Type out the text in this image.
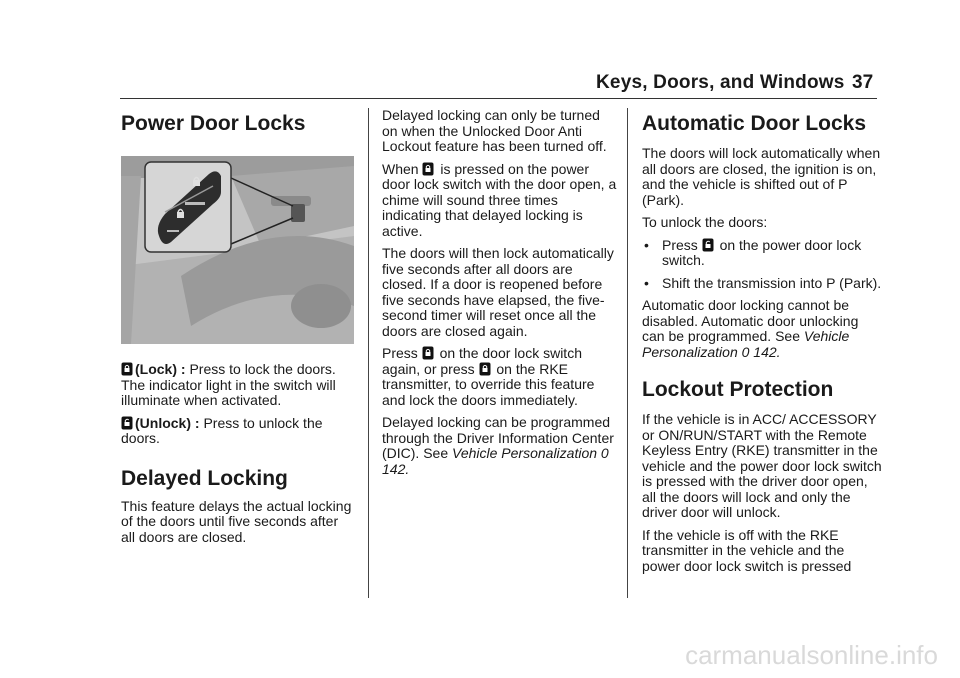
Keys, Doors, and Windows 37
Power Door Locks

(Lock) : Press to lock the doors. The indicator light in the switch will illuminate when activated.

(Unlock) : Press to unlock the doors.

Delayed Locking

This feature delays the actual locking of the doors until five seconds after all doors are closed.

Delayed locking can only be turned on when the Unlocked Door Anti Lockout feature has been turned off.

When  is pressed on the power door lock switch with the door open, a chime will sound three times indicating that delayed locking is active.

The doors will then lock automatically five seconds after all doors are closed. If a door is reopened before five seconds have elapsed, the five-second timer will reset once all the doors are closed again.

Press  on the door lock switch again, or press  on the RKE transmitter, to override this feature and lock the doors immediately.

Delayed locking can be programmed through the Driver Information Center (DIC). See Vehicle Personalization 0 142.

Automatic Door Locks

The doors will lock automatically when all doors are closed, the ignition is on, and the vehicle is shifted out of P (Park).

To unlock the doors:

• Press  on the power door lock switch.
• Shift the transmission into P (Park).

Automatic door locking cannot be disabled. Automatic door unlocking can be programmed. See Vehicle Personalization 0 142.

Lockout Protection

If the vehicle is in ACC/ ACCESSORY or ON/RUN/START with the Remote Keyless Entry (RKE) transmitter in the vehicle and the power door lock switch is pressed with the driver door open, all the doors will lock and only the driver door will unlock.

If the vehicle is off with the RKE transmitter in the vehicle and the power door lock switch is pressed

carmanualsonline.info
